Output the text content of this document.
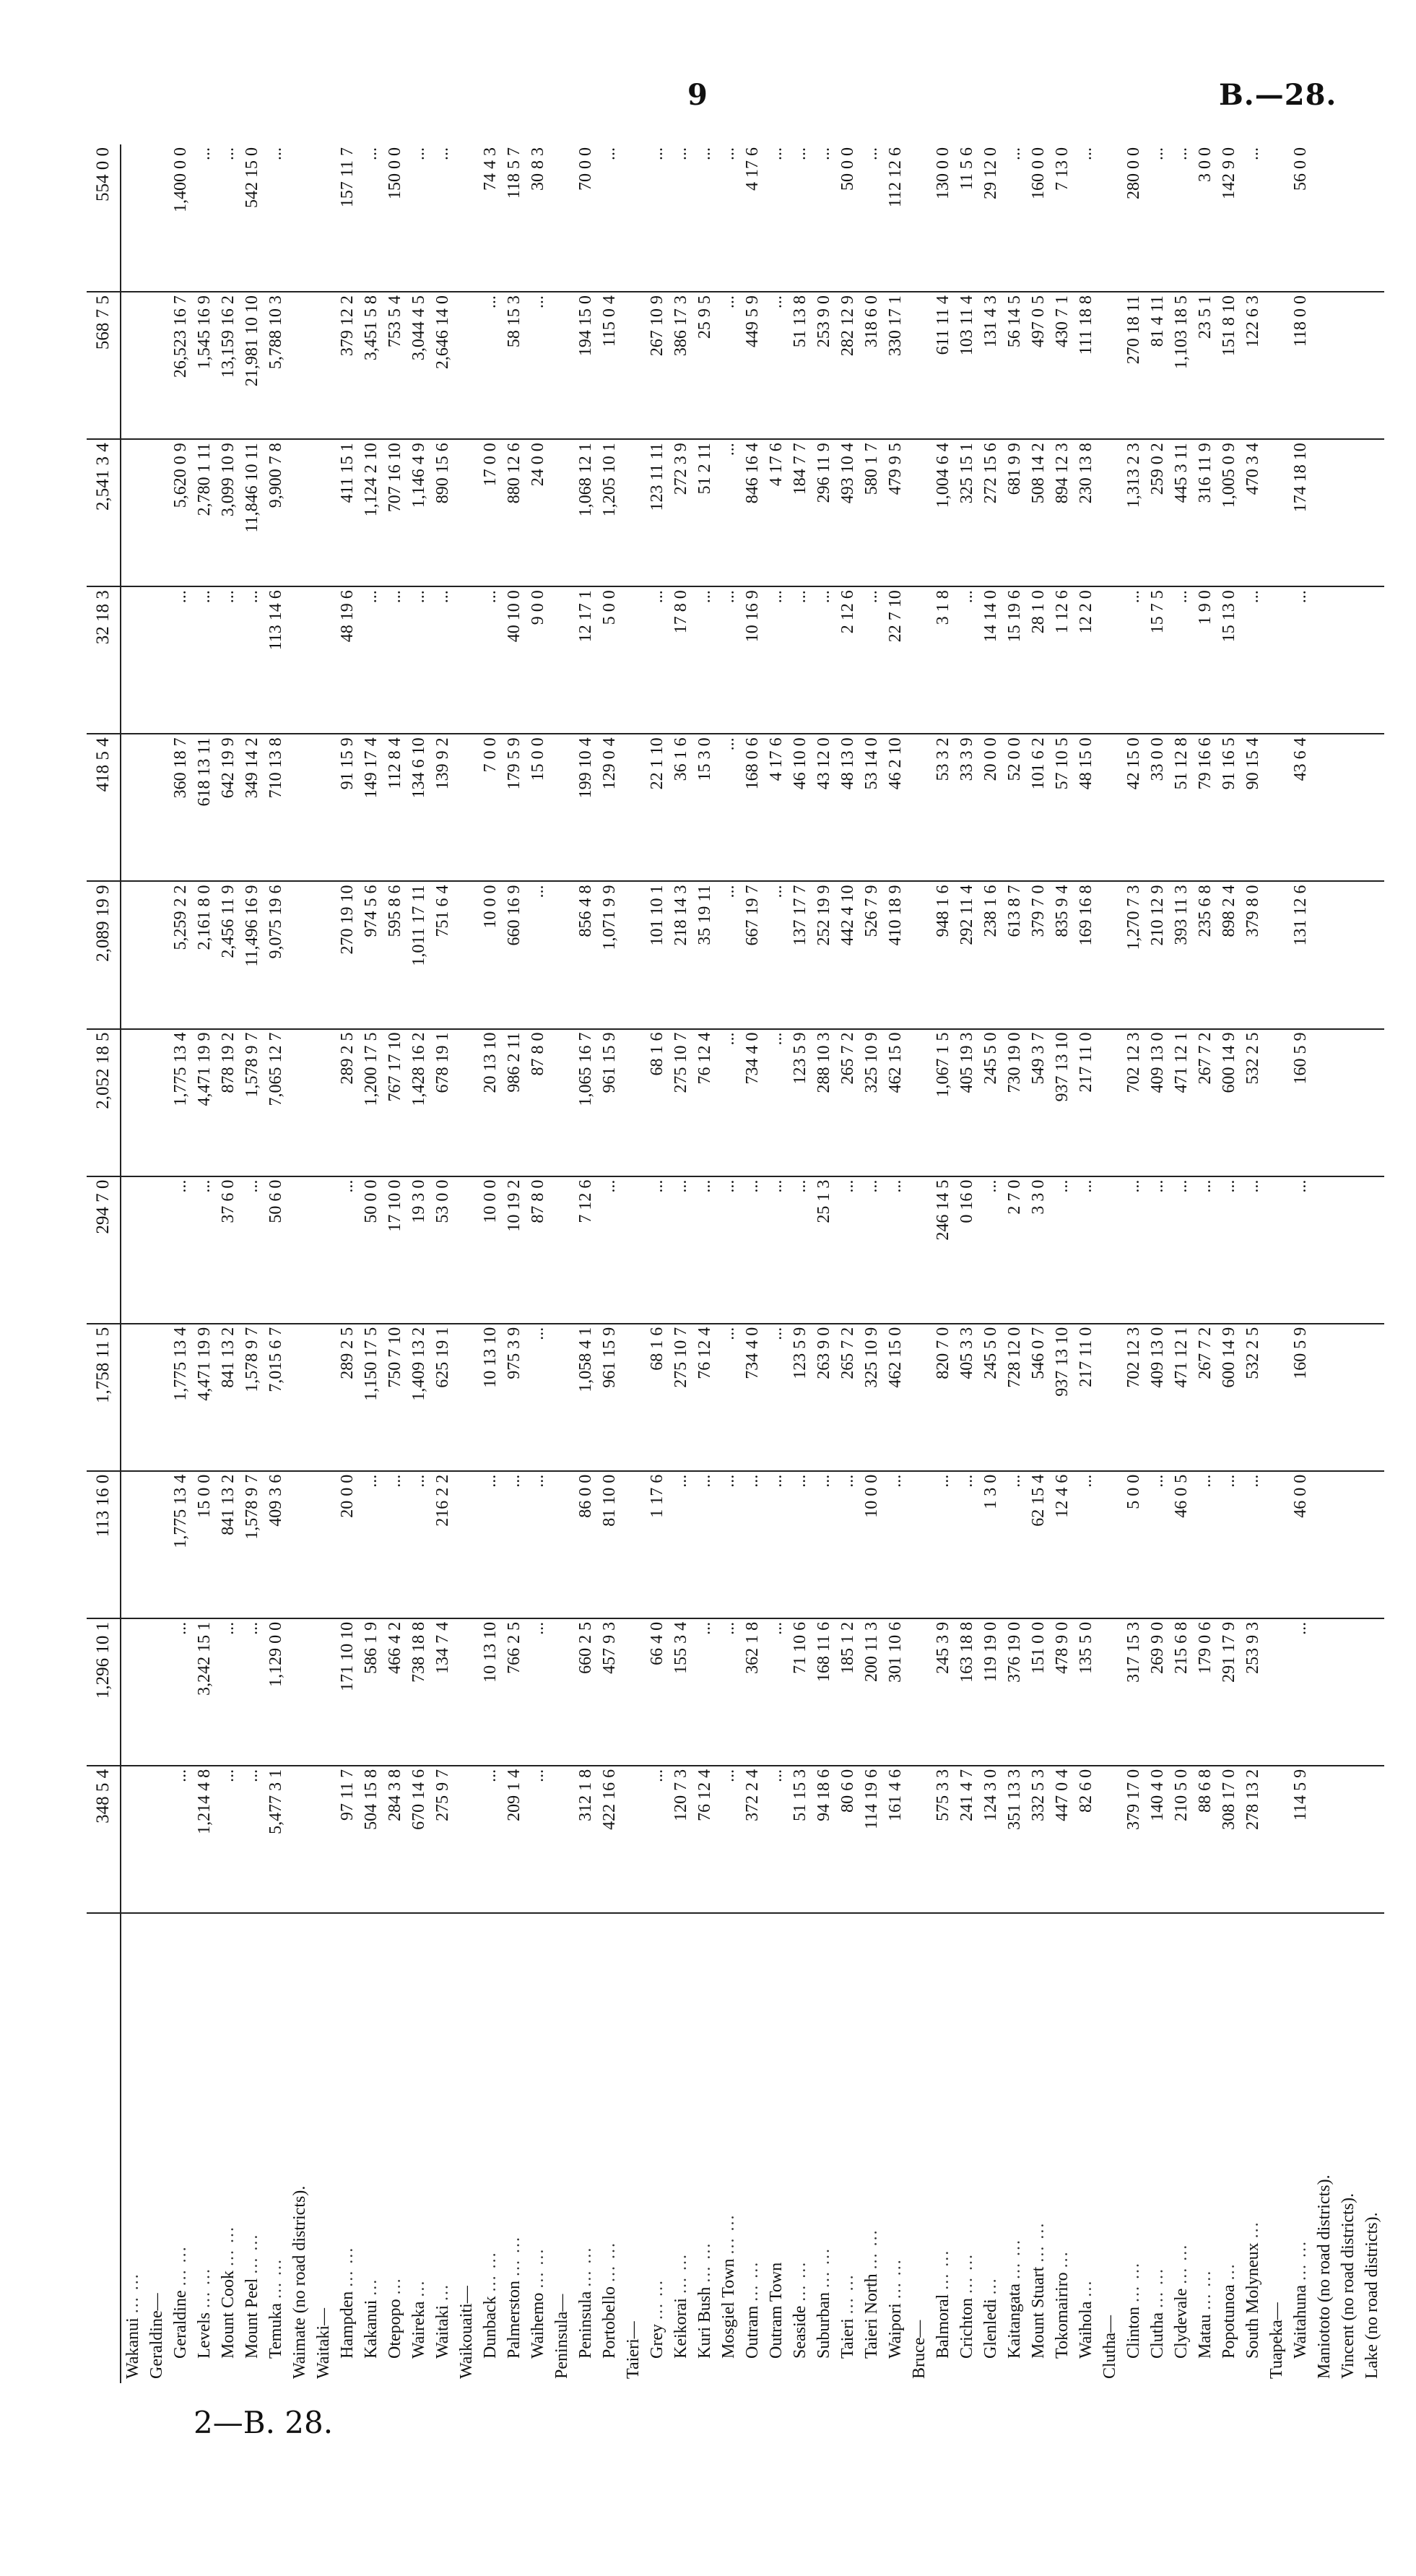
9	B.—28.
	348 5 4	1,296 10 1	113 16 0	1,758 11 5	294 7 0	2,052 18 5	2,089 19 9	418 5 4	32 18 3	2,541 3 4	568 7 5	554 0 0
Wakanui ... ...												
Geraldine—												
Geraldine ... ...	...	...	1,775 13 4	1,775 13 4	...	1,775 13 4	5,259 2 2	360 18 7	...	5,620 0 9	26,523 16 7	1,400 0 0
Levels ... ...	1,214 4 8	3,242 15 1	15 0 0	4,471 19 9	...	4,471 19 9	2,161 8 0	618 13 11	...	2,780 1 11	1,545 16 9	...
Mount Cook ... ...	...	...	841 13 2	841 13 2	37 6 0	878 19 2	2,456 11 9	642 19 9	...	3,099 10 9	13,159 16 2	...
Mount Peel ... ...	...	...	1,578 9 7	1,578 9 7	...	1,578 9 7	11,496 16 9	349 14 2	...	11,846 10 11	21,981 10 10	542 15 0
Temuka ... ...	5,477 3 1	1,129 0 0	409 3 6	7,015 6 7	50 6 0	7,065 12 7	9,075 19 6	710 13 8	113 14 6	9,900 7 8	5,788 10 3	...
Waimate (no road districts).												
Waitaki—												
Hampden ... ...	97 11 7	171 10 10	20 0 0	289 2 5	...	289 2 5	270 19 10	91 15 9	48 19 6	411 15 1	379 12 2	157 11 7
Kakanui ...	504 15 8	586 1 9	...	1,150 17 5	50 0 0	1,200 17 5	974 5 6	149 17 4	...	1,124 2 10	3,451 5 8	...
Otepopo ...	284 3 8	466 4 2	...	750 7 10	17 10 0	767 17 10	595 8 6	112 8 4	...	707 16 10	753 5 4	150 0 0
Waireka ...	670 14 6	738 18 8	...	1,409 13 2	19 3 0	1,428 16 2	1,011 17 11	134 6 10	...	1,146 4 9	3,044 4 5	...
Waitaki ...	275 9 7	134 7 4	216 2 2	625 19 1	53 0 0	678 19 1	751 6 4	139 9 2	...	890 15 6	2,646 14 0	...
Waikouaiti—												
Dunback ... ...	...	10 13 10	...	10 13 10	10 0 0	20 13 10	10 0 0	7 0 0	...	17 0 0	...	74 4 3
Palmerston ... ...	209 1 4	766 2 5	...	975 3 9	10 19 2	986 2 11	660 16 9	179 5 9	40 10 0	880 12 6	58 15 3	118 5 7
Waihemo ... ...	...	...	...	...	87 8 0	87 8 0	...	15 0 0	9 0 0	24 0 0	...	30 8 3
Peninsula—												
Peninsula ... ...	312 1 8	660 2 5	86 0 0	1,058 4 1	7 12 6	1,065 16 7	856 4 8	199 10 4	12 17 1	1,068 12 1	194 15 0	70 0 0
Portobello ... ...	422 16 6	457 9 3	81 10 0	961 15 9	...	961 15 9	1,071 9 9	129 0 4	5 0 0	1,205 10 1	115 0 4	...
Taieri—												
Grey ... ...	...	66 4 0	1 17 6	68 1 6	...	68 1 6	101 10 1	22 1 10	...	123 11 11	267 10 9	...
Keikorai ... ...	120 7 3	155 3 4	...	275 10 7	...	275 10 7	218 14 3	36 1 6	17 8 0	272 3 9	386 17 3	...
Kuri Bush ... ...	76 12 4	...	...	76 12 4	...	76 12 4	35 19 11	15 3 0	...	51 2 11	25 9 5	...
Mosgiel Town ... ...	...	...	...	...	...	...	...	...	...	...	...	...
Outram ... ...	372 2 4	362 1 8	...	734 4 0	...	734 4 0	667 19 7	168 0 6	10 16 9	846 16 4	449 5 9	4 17 6
Outram Town	...	...	...	...	...	...	...	4 17 6	...	4 17 6	...	...
Seaside ... ...	51 15 3	71 10 6	...	123 5 9	...	123 5 9	137 17 7	46 10 0	...	184 7 7	51 13 8	...
Suburban ... ...	94 18 6	168 11 6	...	263 9 0	25 1 3	288 10 3	252 19 9	43 12 0	...	296 11 9	253 9 0	...
Taieri ... ...	80 6 0	185 1 2	...	265 7 2	...	265 7 2	442 4 10	48 13 0	2 12 6	493 10 4	282 12 9	50 0 0
Taieri North ... ...	114 19 6	200 11 3	10 0 0	325 10 9	...	325 10 9	526 7 9	53 14 0	...	580 1 7	318 6 0	...
Waipori ... ...	161 4 6	301 10 6	...	462 15 0	...	462 15 0	410 18 9	46 2 10	22 7 10	479 9 5	330 17 1	112 12 6
Bruce—												
Balmoral ... ...	575 3 3	245 3 9	...	820 7 0	246 14 5	1,067 1 5	948 1 6	53 3 2	3 1 8	1,004 6 4	611 11 4	130 0 0
Crichton ... ...	241 4 7	163 18 8	...	405 3 3	0 16 0	405 19 3	292 11 4	33 3 9	...	325 15 1	103 11 4	11 5 6
Glenledi ...	124 3 0	119 19 0	1 3 0	245 5 0	...	245 5 0	238 1 6	20 0 0	14 14 0	272 15 6	131 4 3	29 12 0
Kaitangata ... ...	351 13 3	376 19 0	...	728 12 0	2 7 0	730 19 0	613 8 7	52 0 0	15 19 6	681 9 9	56 14 5	...
Mount Stuart ... ...	332 5 3	151 0 0	62 15 4	546 0 7	3 3 0	549 3 7	379 7 0	101 6 2	28 1 0	508 14 2	497 0 5	160 0 0
Tokomairiro ...	447 0 4	478 9 0	12 4 6	937 13 10	...	937 13 10	835 9 4	57 10 5	1 12 6	894 12 3	430 7 1	7 13 0
Waihola ...	82 6 0	135 5 0	...	217 11 0	...	217 11 0	169 16 8	48 15 0	12 2 0	230 13 8	111 18 8	...
Clutha—												
Clinton ... ...	379 17 0	317 15 3	5 0 0	702 12 3	...	702 12 3	1,270 7 3	42 15 0	...	1,313 2 3	270 18 11	280 0 0
Clutha ... ...	140 4 0	269 9 0	...	409 13 0	...	409 13 0	210 12 9	33 0 0	15 7 5	259 0 2	81 4 11	...
Clydevale ... ...	210 5 0	215 6 8	46 0 5	471 12 1	...	471 12 1	393 11 3	51 12 8	...	445 3 11	1,103 18 5	...
Matau ... ...	88 6 8	179 0 6	...	267 7 2	...	267 7 2	235 6 8	79 16 6	1 9 0	316 11 9	23 5 1	3 0 0
Popotunoa ...	308 17 0	291 17 9	...	600 14 9	...	600 14 9	898 2 4	91 16 5	15 13 0	1,005 0 9	151 8 10	142 9 0
South Molyneux ...	278 13 2	253 9 3	...	532 2 5	...	532 2 5	379 8 0	90 15 4	...	470 3 4	122 6 3	...
Tuapeka—												
Waitahuna ... ...	114 5 9	...	46 0 0	160 5 9	...	160 5 9	131 12 6	43 6 4	...	174 18 10	118 0 0	56 0 0
Maniototo (no road districts).												
Vincent (no road districts).												
Lake (no road districts).												
2—B. 28.
